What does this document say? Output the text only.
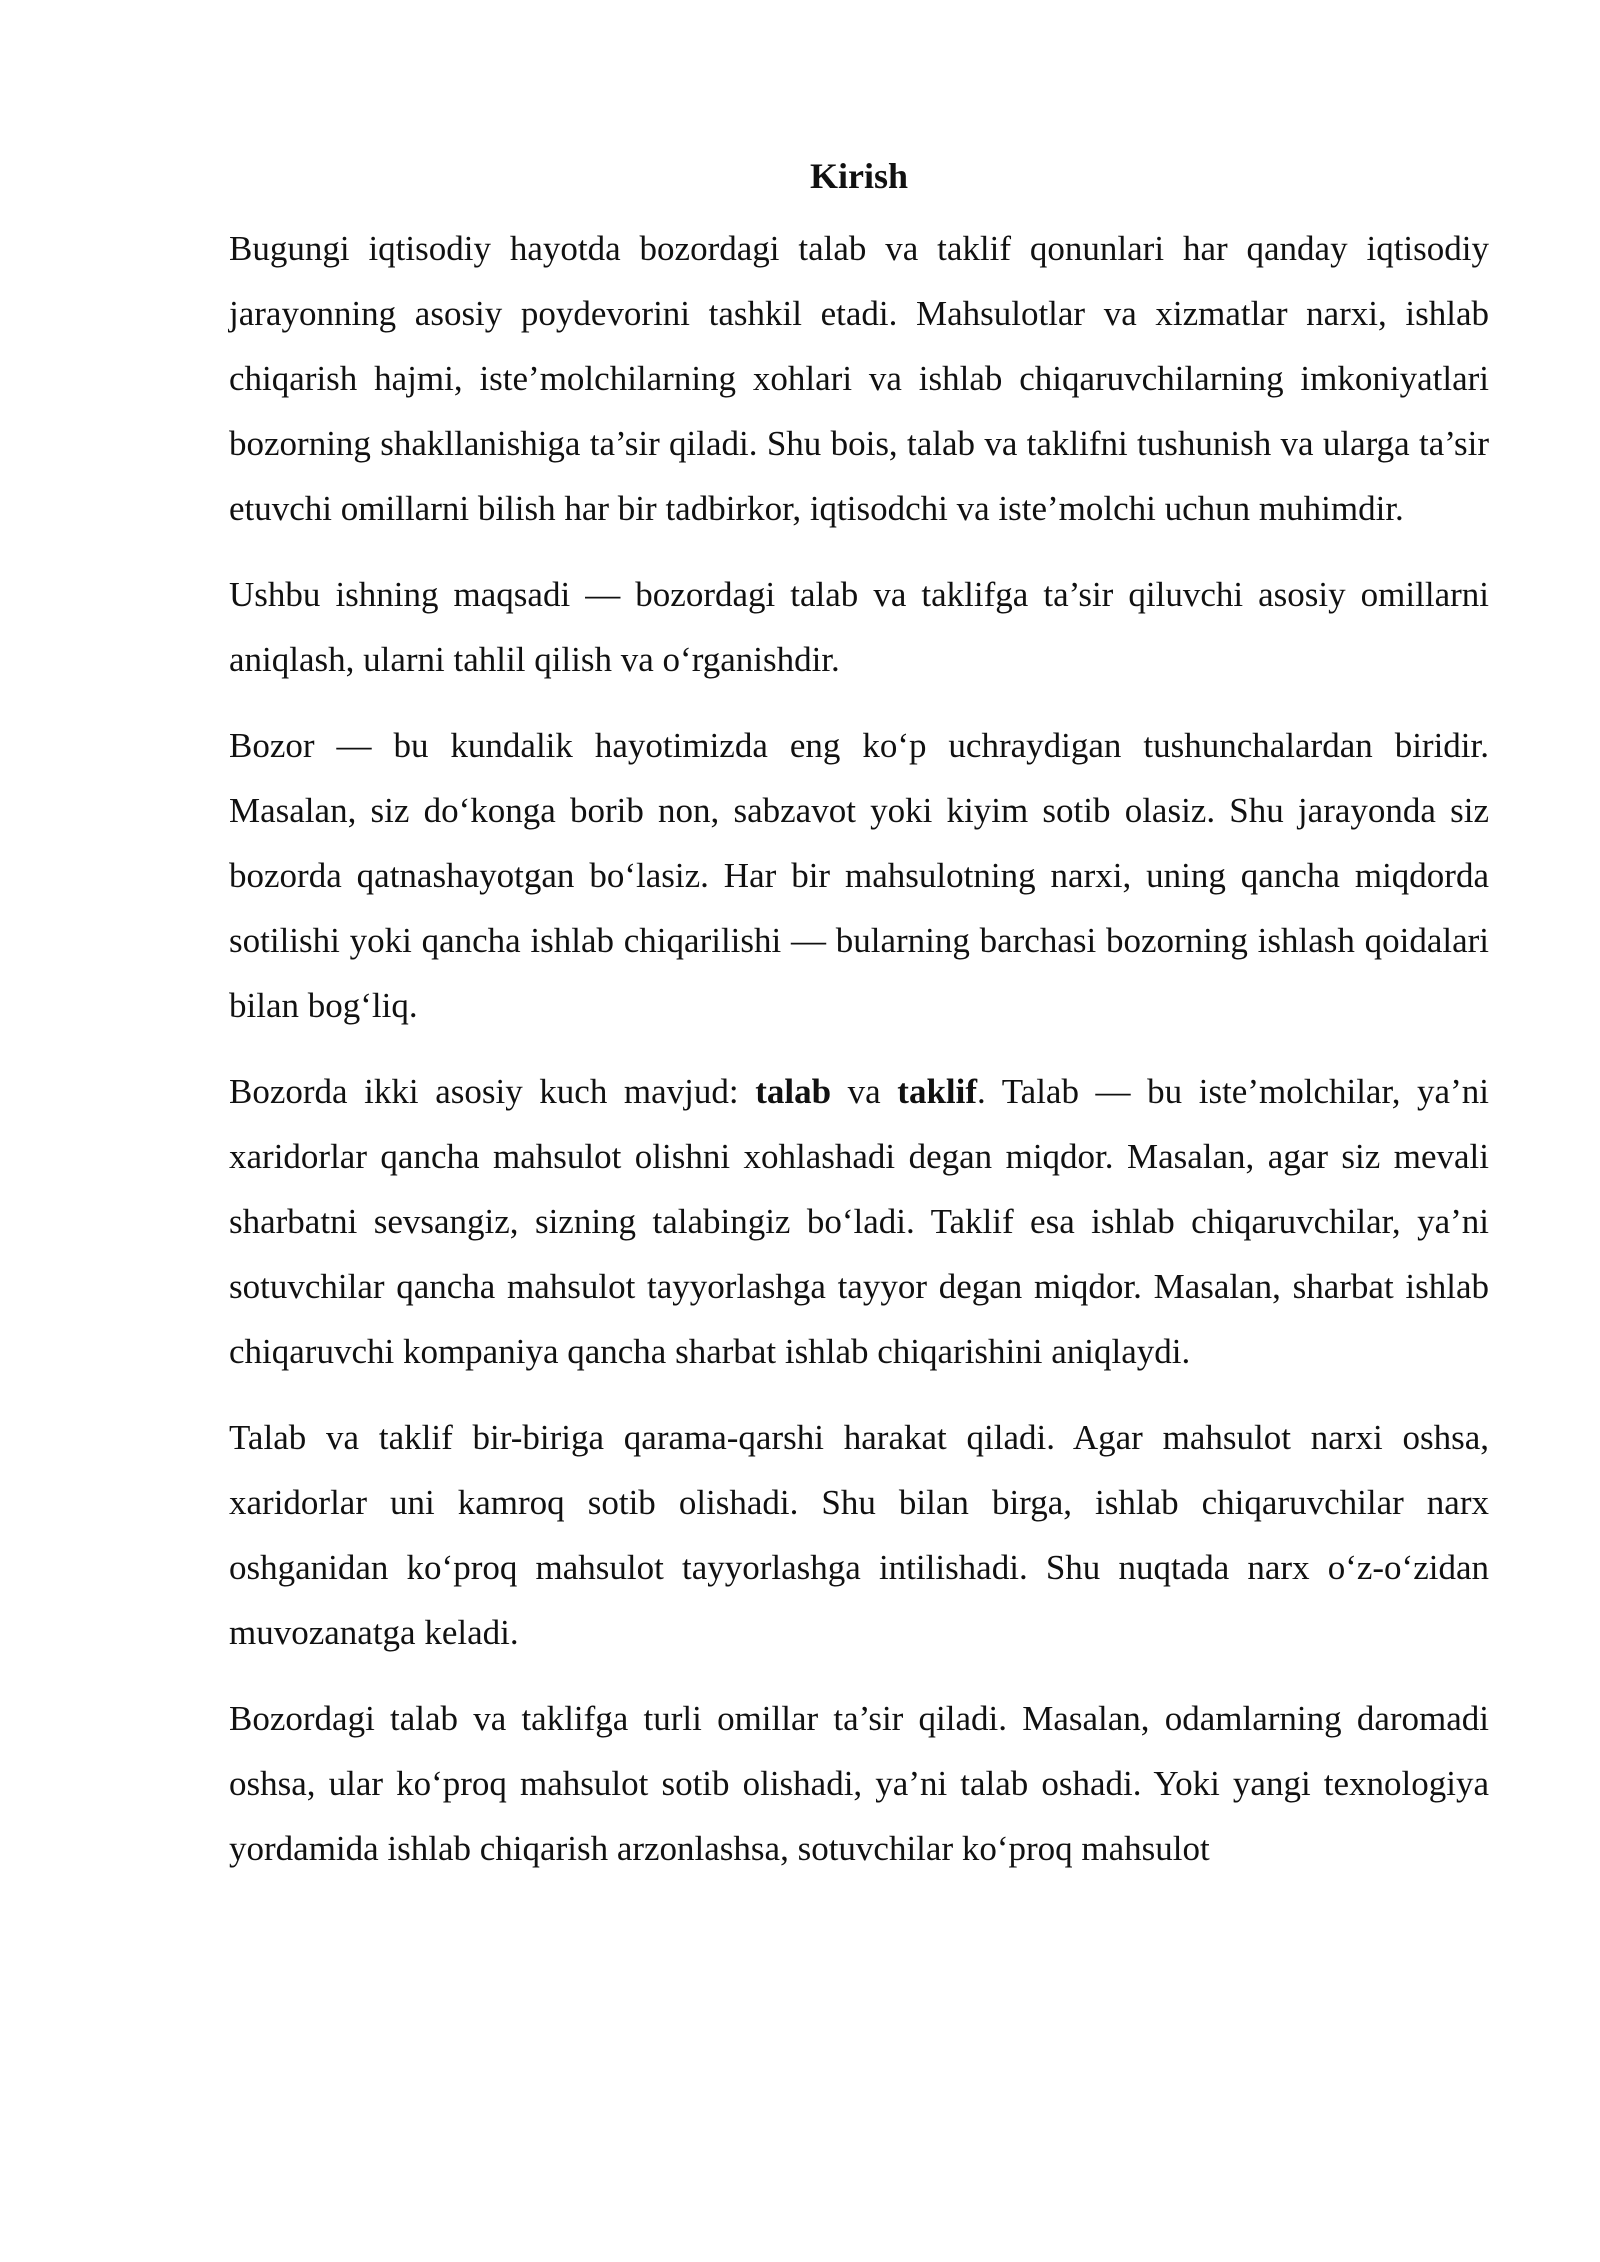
Kirish

Bugungi iqtisodiy hayotda bozordagi talab va taklif qonunlari har qanday iqtisodiy jarayonning asosiy poydevorini tashkil etadi. Mahsulotlar va xizmatlar narxi, ishlab chiqarish hajmi, iste’molchilarning xohlari va ishlab chiqaruvchilarning imkoniyatlari bozorning shakllanishiga ta’sir qiladi. Shu bois, talab va taklifni tushunish va ularga ta’sir etuvchi omillarni bilish har bir tadbirkor, iqtisodchi va iste’molchi uchun muhimdir.

Ushbu ishning maqsadi — bozordagi talab va taklifga ta’sir qiluvchi asosiy omillarni aniqlash, ularni tahlil qilish va o‘rganishdir.

Bozor — bu kundalik hayotimizda eng ko‘p uchraydigan tushunchalardan biridir. Masalan, siz do‘konga borib non, sabzavot yoki kiyim sotib olasiz. Shu jarayonda siz bozorda qatnashayotgan bo‘lasiz. Har bir mahsulotning narxi, uning qancha miqdorda sotilishi yoki qancha ishlab chiqarilishi — bularning barchasi bozorning ishlash qoidalari bilan bog‘liq.

Bozorda ikki asosiy kuch mavjud: talab va taklif. Talab — bu iste’molchilar, ya’ni xaridorlar qancha mahsulot olishni xohlashadi degan miqdor. Masalan, agar siz mevali sharbatni sevsangiz, sizning talabingiz bo‘ladi. Taklif esa ishlab chiqaruvchilar, ya’ni sotuvchilar qancha mahsulot tayyorlashga tayyor degan miqdor. Masalan, sharbat ishlab chiqaruvchi kompaniya qancha sharbat ishlab chiqarishini aniqlaydi.

Talab va taklif bir-biriga qarama-qarshi harakat qiladi. Agar mahsulot narxi oshsa, xaridorlar uni kamroq sotib olishadi. Shu bilan birga, ishlab chiqaruvchilar narx oshganidan ko‘proq mahsulot tayyorlashga intilishadi. Shu nuqtada narx o‘z-o‘zidan muvozanatga keladi.

Bozordagi talab va taklifga turli omillar ta’sir qiladi. Masalan, odamlarning daromadi oshsa, ular ko‘proq mahsulot sotib olishadi, ya’ni talab oshadi. Yoki yangi texnologiya yordamida ishlab chiqarish arzonlashsa, sotuvchilar ko‘proq mahsulot
